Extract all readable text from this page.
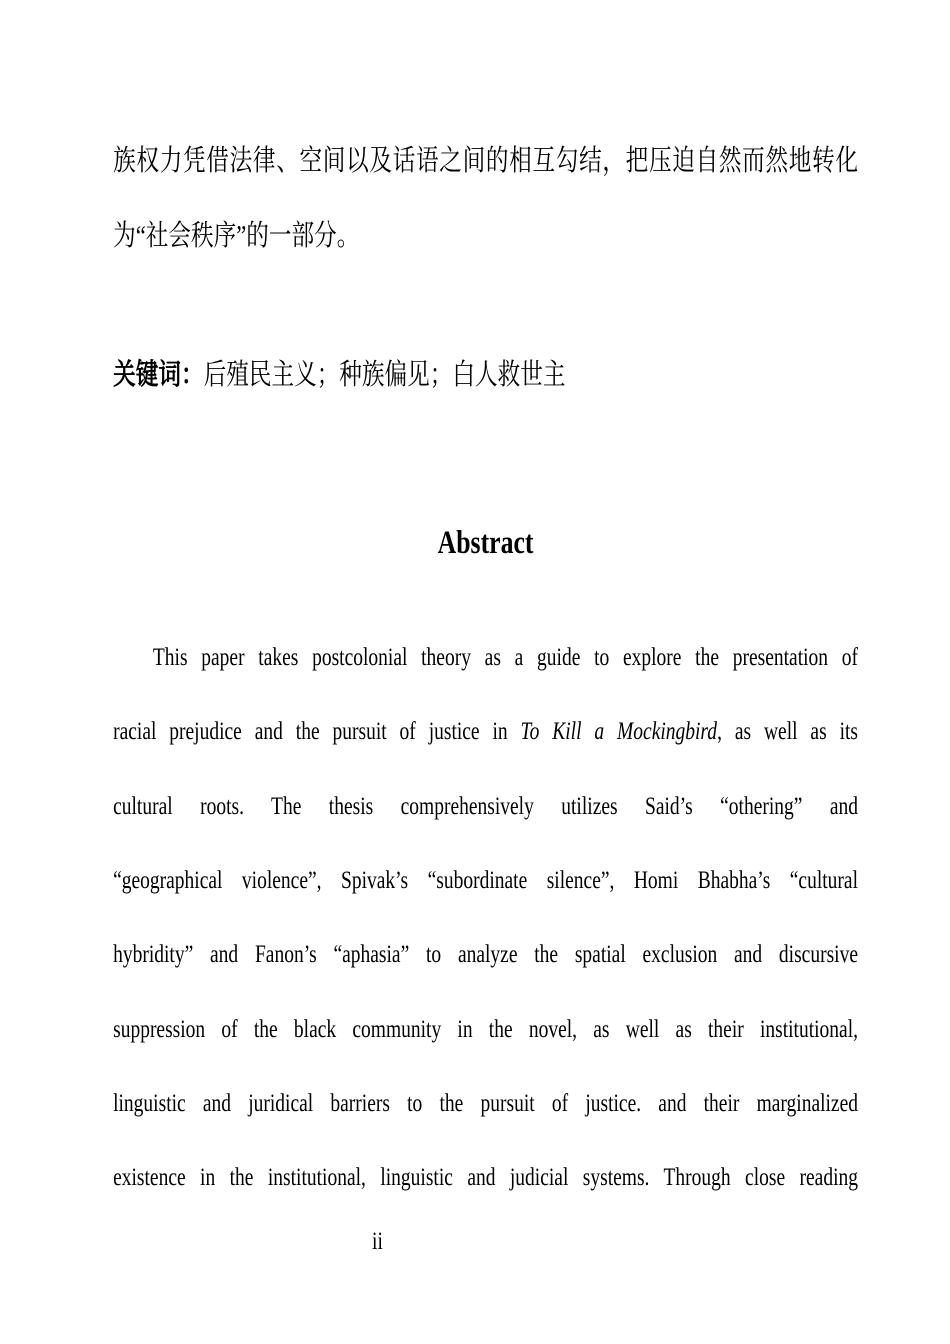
族权力凭借法律、空间以及话语之间的相互勾结，把压迫自然而然地转化
为“社会秩序”的一部分。
关键词：后殖民主义；种族偏见；白人救世主
Abstract
This paper takes postcolonial theory as a guide to explore the presentation of
racial prejudice and the pursuit of justice in To Kill a Mockingbird, as well as its
cultural roots. The thesis comprehensively utilizes Said’s “othering” and
“geographical violence”, Spivak’s “subordinate silence”, Homi Bhabha’s “cultural
hybridity” and Fanon’s “aphasia” to analyze the spatial exclusion and discursive
suppression of the black community in the novel, as well as their institutional,
linguistic and juridical barriers to the pursuit of justice. and their marginalized
existence in the institutional, linguistic and judicial systems. Through close reading
ii
